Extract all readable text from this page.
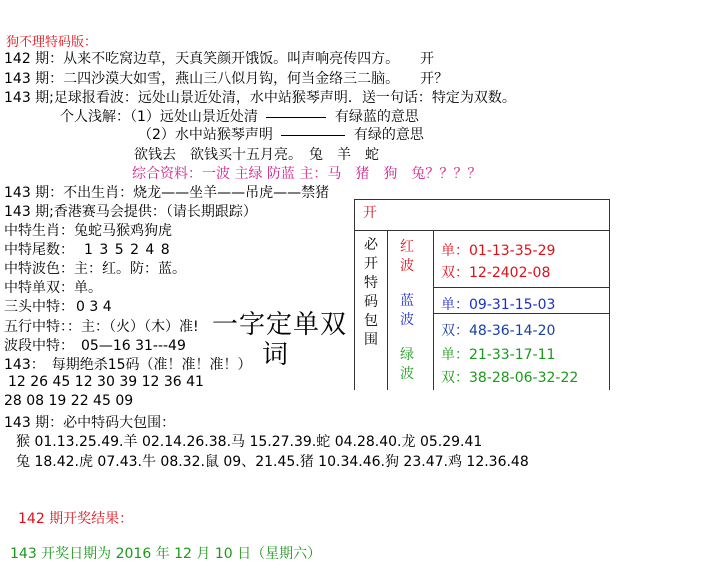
狗不理特码版：
142 期：从来不吃窝边草，天真笑颜开饿饭。叫声响亮传四方。　　开
143 期：二四沙漠大如雪，燕山三八似月钩，何当金络三二脑。　　开？
143 期;足球报看波：远处山景近处清，水中站猴琴声明．送一句话：特定为双数。
个人浅解：（1）远处山景近处清	有绿蓝的意思
（2）水中站猴琴声明	有绿的意思
欲钱去　欲钱买十五月亮。　兔　羊　蛇
综合资料：一波 主绿 防蓝 主：马　猪　狗　兔？？？？
143 期：不出生肖：烧龙——坐羊——吊虎——禁猪
143 期;香港赛马会提供：（请长期跟踪）
中特生肖：兔蛇马猴鸡狗虎
中特尾数： 1 3 5 2 4 8
中特波色：主：红。防：蓝。
中特单双：单。
三头中特： 0 3 4
五行中特：：主：（火）（木）准!
波段中特：　05—16 31---49
143：　每期绝杀15码（准！准！准！）
12 26 45 12 30 39 12 36 41
28 08 19 22 45 09
143 期：必中特码大包围：
猴 01.13.25.49.羊 02.14.26.38.马 15.27.39.蛇 04.28.40.龙 05.29.41
兔 18.42.虎 07.43.牛 08.32.鼠 09、21.45.猪 10.34.46.狗 23.47.鸡 12.36.48
142 期开奖结果：
143 开奖日期为 2016 年 12 月 10 日（星期六）
一字定单双
词
开
必开特码包围
红波
蓝波
绿波
单：01-13-35-29
双：12-2402-08
单：09-31-15-03
双：48-36-14-20
单：21-33-17-11
双：38-28-06-32-22
